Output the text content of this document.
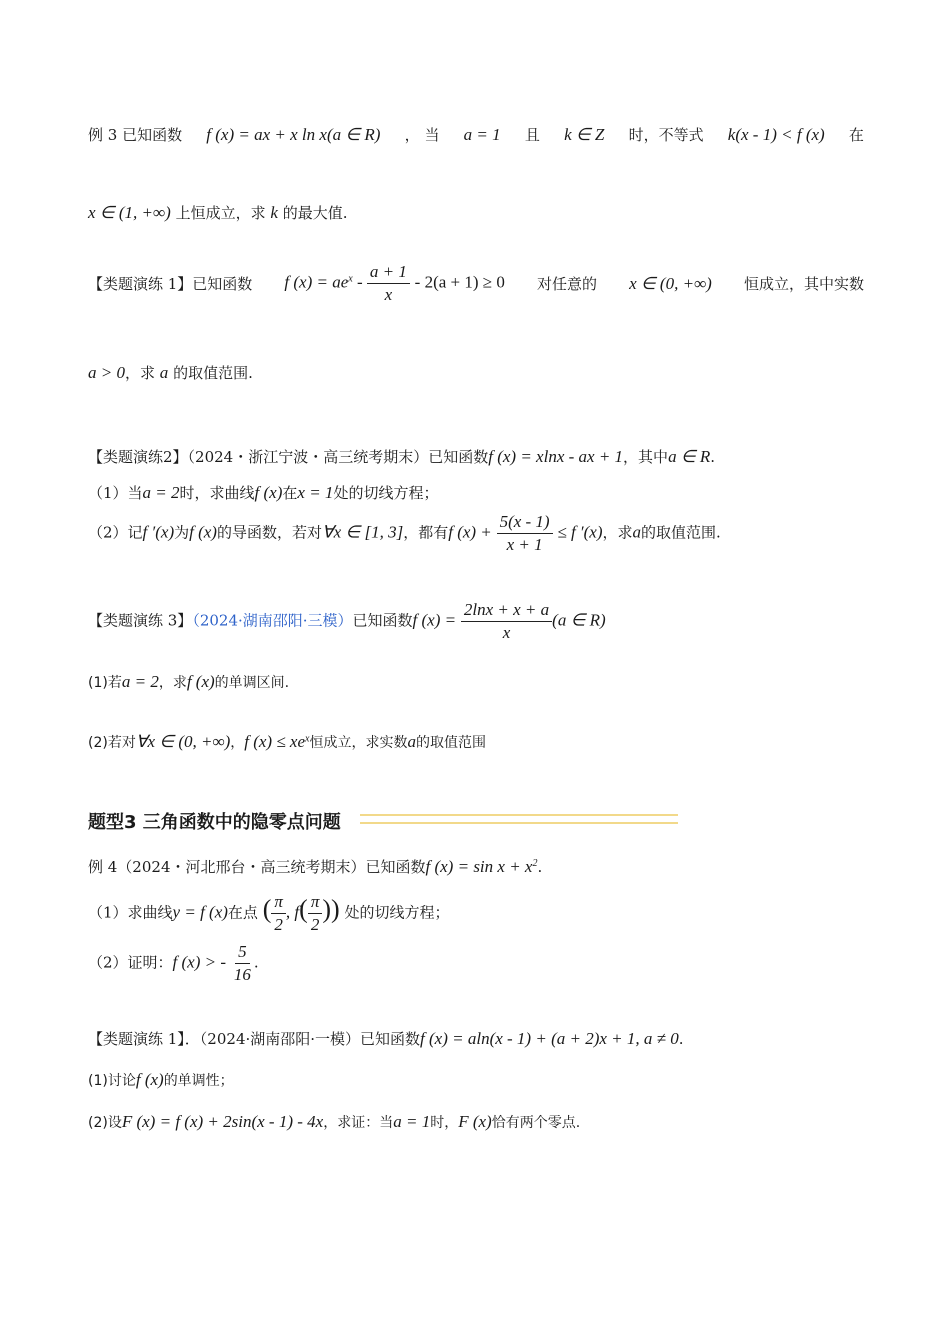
例 3 已知函数 f (x) = ax + x ln x(a ∈ R) ， 当 a = 1 且 k ∈ Z 时，不等式 k(x - 1) < f (x) 在
x ∈ (1, +∞) 上恒成立，求 k 的最大值.
【类题演练 1】已知函数 f $(x) = ae^x - \frac{a + 1}{x} - 2(a + 1) \ge 0$ 对任意的 x ∈ (0, +∞) 恒成立，其中实数
a > 0，求 a 的取值范围.
【类题演练2】（2024・浙江宁波・高三统考期末）已知函数f (x) = xlnx - ax + 1，其中a ∈ R.
（1）当a = 2时，求曲线f (x)在x = 1处的切线方程；
（2）记f ′(x)为f (x)的导函数，若对∀x ∈ [1, 3]，都有f $(x) + \frac{5(x - 1)}{x + 1} \le f$ ′(x)，求a的取值范围.
【类题演练 3】（2024·湖南邵阳·三模）已知函数f $(x) = \frac{2\ln x + x + a}{x} (a$ ∈ R)
(1)若a = 2，求f (x)的单调区间.
(2)若对∀x ∈ (0, +∞)，f $(x) \le xe^x$恒成立，求实数a的取值范围
题型3 三角函数中的隐零点问题
例 4（2024・河北邢台・高三统考期末）已知函数f $(x) = \sin x + x^2$.
（1）求曲线y = f (x)在点 ( $\frac{\pi}{2}$ , $f( \frac{\pi}{2}$ )) 处的切线方程；
（2）证明：f (x) > - $\frac{5}{16}$ .
【类题演练 1】．（2024·湖南邵阳·一模）已知函数f (x) = aln(x - 1) + (a + 2)x + 1, a ≠ 0.
(1)讨论f (x)的单调性；
(2)设F (x) = f (x) + 2sin(x - 1) - 4x，求证：当a = 1时，F (x)恰有两个零点.
